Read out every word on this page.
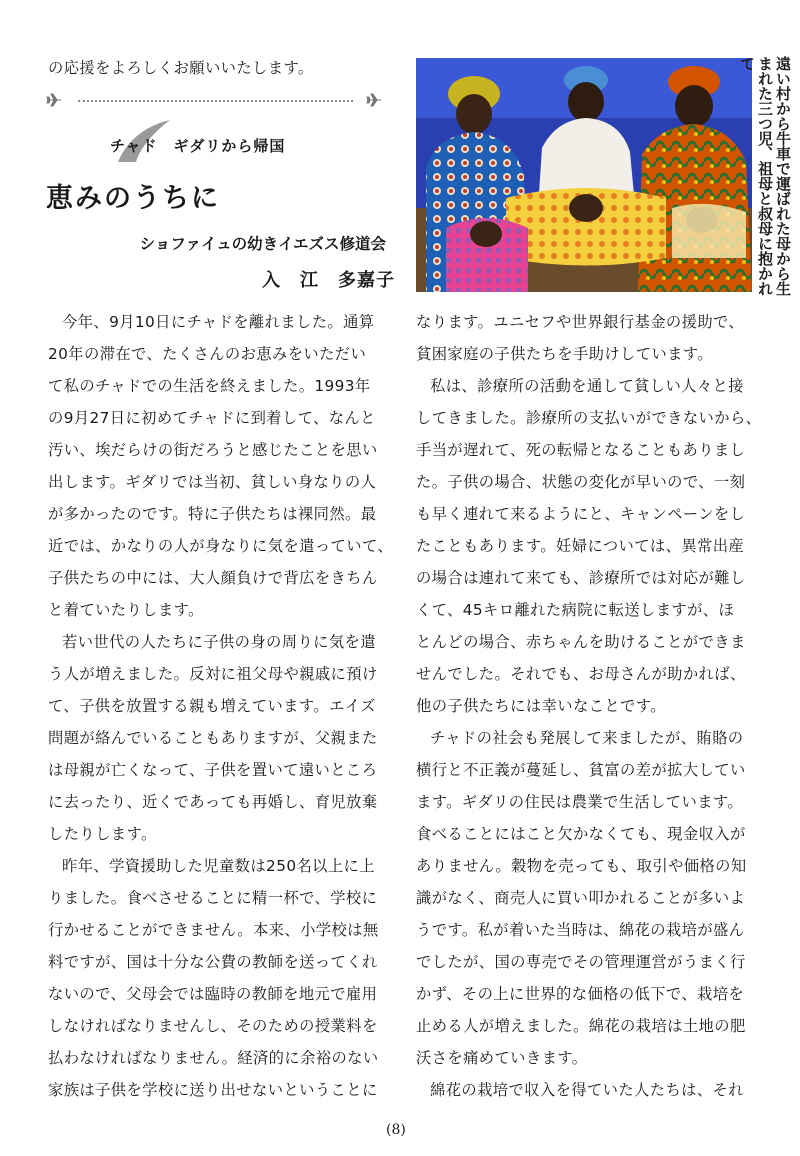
の応援をよろしくお願いいたします。
チャド　ギダリから帰国
恵みのうちに
ショファイュの幼きイエズス修道会
入　江　多嘉子
今年、9月10日にチャドを離れました。通算
20年の滞在で、たくさんのお恵みをいただい
て私のチャドでの生活を終えました。1993年
の9月27日に初めてチャドに到着して、なんと
汚い、埃だらけの街だろうと感じたことを思い
出します。ギダリでは当初、貧しい身なりの人
が多かったのです。特に子供たちは裸同然。最
近では、かなりの人が身なりに気を遣っていて、
子供たちの中には、大人顔負けで背広をきちん
と着ていたりします。
若い世代の人たちに子供の身の周りに気を遣
う人が増えました。反対に祖父母や親戚に預け
て、子供を放置する親も増えています。エイズ
問題が絡んでいることもありますが、父親また
は母親が亡くなって、子供を置いて遠いところ
に去ったり、近くであっても再婚し、育児放棄
したりします。
昨年、学資援助した児童数は250名以上に上
りました。食べさせることに精一杯で、学校に
行かせることができません。本来、小学校は無
料ですが、国は十分な公費の教師を送ってくれ
ないので、父母会では臨時の教師を地元で雇用
しなければなりませんし、そのための授業料を
払わなければなりません。経済的に余裕のない
家族は子供を学校に送り出せないということに
遠い村から牛車で運ばれた母から生まれた三つ児、祖母と叔母に抱かれて
なります。ユニセフや世界銀行基金の援助で、
貧困家庭の子供たちを手助けしています。
私は、診療所の活動を通して貧しい人々と接
してきました。診療所の支払いができないから、
手当が遅れて、死の転帰となることもありまし
た。子供の場合、状態の変化が早いので、一刻
も早く連れて来るようにと、キャンペーンをし
たこともあります。妊婦については、異常出産
の場合は連れて来ても、診療所では対応が難し
くて、45キロ離れた病院に転送しますが、ほ
とんどの場合、赤ちゃんを助けることができま
せんでした。それでも、お母さんが助かれば、
他の子供たちには幸いなことです。
チャドの社会も発展して来ましたが、賄賂の
横行と不正義が蔓延し、貧富の差が拡大してい
ます。ギダリの住民は農業で生活しています。
食べることにはこと欠かなくても、現金収入が
ありません。穀物を売っても、取引や価格の知
識がなく、商売人に買い叩かれることが多いよ
うです。私が着いた当時は、綿花の栽培が盛ん
でしたが、国の専売でその管理運営がうまく行
かず、その上に世界的な価格の低下で、栽培を
止める人が増えました。綿花の栽培は土地の肥
沃さを痛めていきます。
綿花の栽培で収入を得ていた人たちは、それ
(8)
